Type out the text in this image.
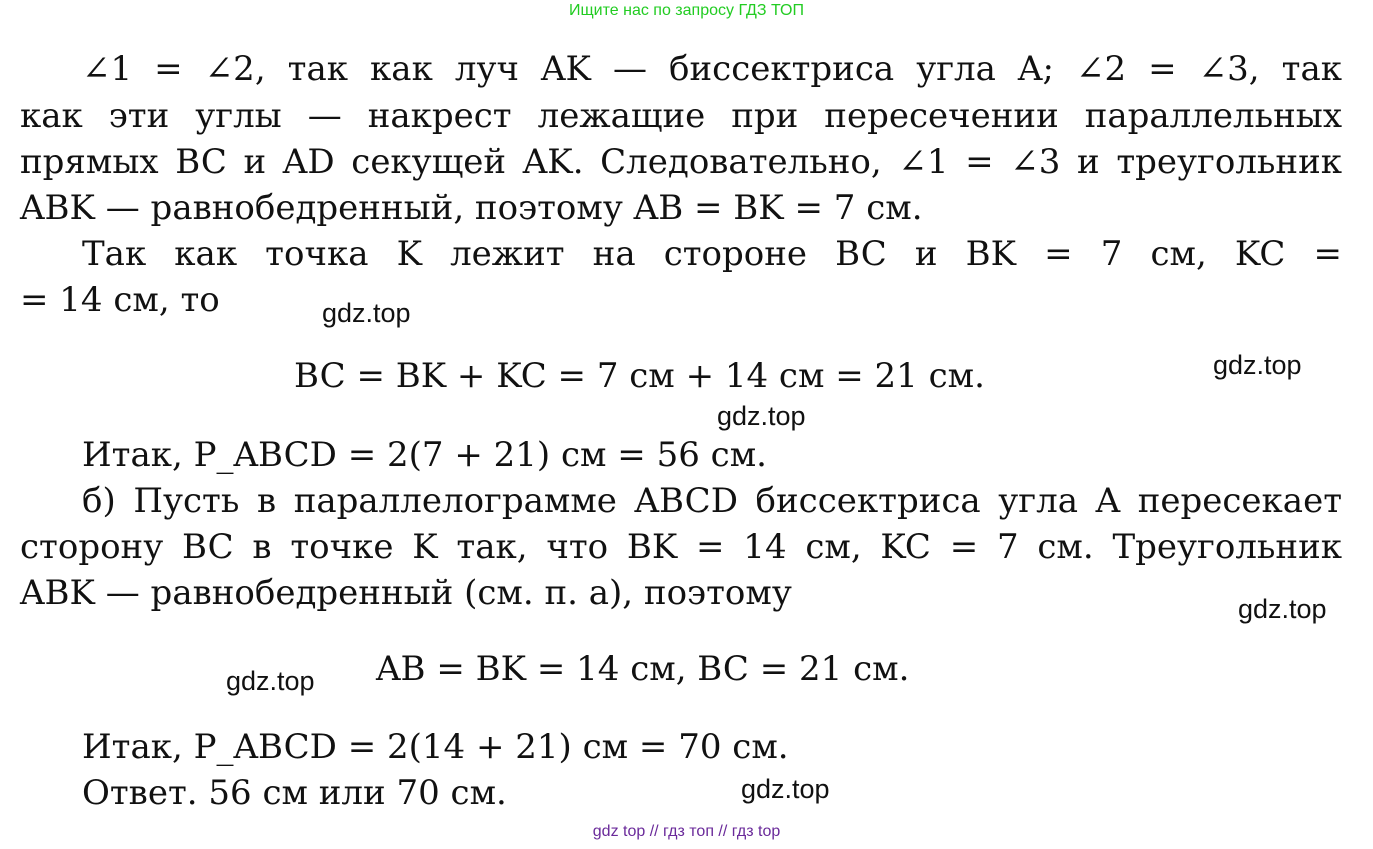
Ищите нас по запросу ГДЗ ТОП
∠1 = ∠2, так как луч AK — биссектриса угла A; ∠2 = ∠3, так
как эти углы — накрест лежащие при пересечении параллельных
прямых BC и AD секущей AK. Следовательно, ∠1 = ∠3 и треугольник
ABK — равнобедренный, поэтому AB = BK = 7 см.
Так как точка K лежит на стороне BC и BK = 7 см, KC =
= 14 см, то
BC = BK + KC = 7 см + 14 см = 21 см.
Итак, P_ABCD = 2(7 + 21) см = 56 см.
б) Пусть в параллелограмме ABCD биссектриса угла A пересекает
сторону BC в точке K так, что BK = 14 см, KC = 7 см. Треугольник
ABK — равнобедренный (см. п. а), поэтому
AB = BK = 14 см, BC = 21 см.
Итак, P_ABCD = 2(14 + 21) см = 70 см.
Ответ. 56 см или 70 см.
gdz.top
gdz.top
gdz.top
gdz.top
gdz.top
gdz.top
gdz top // гдз топ // гдз top
